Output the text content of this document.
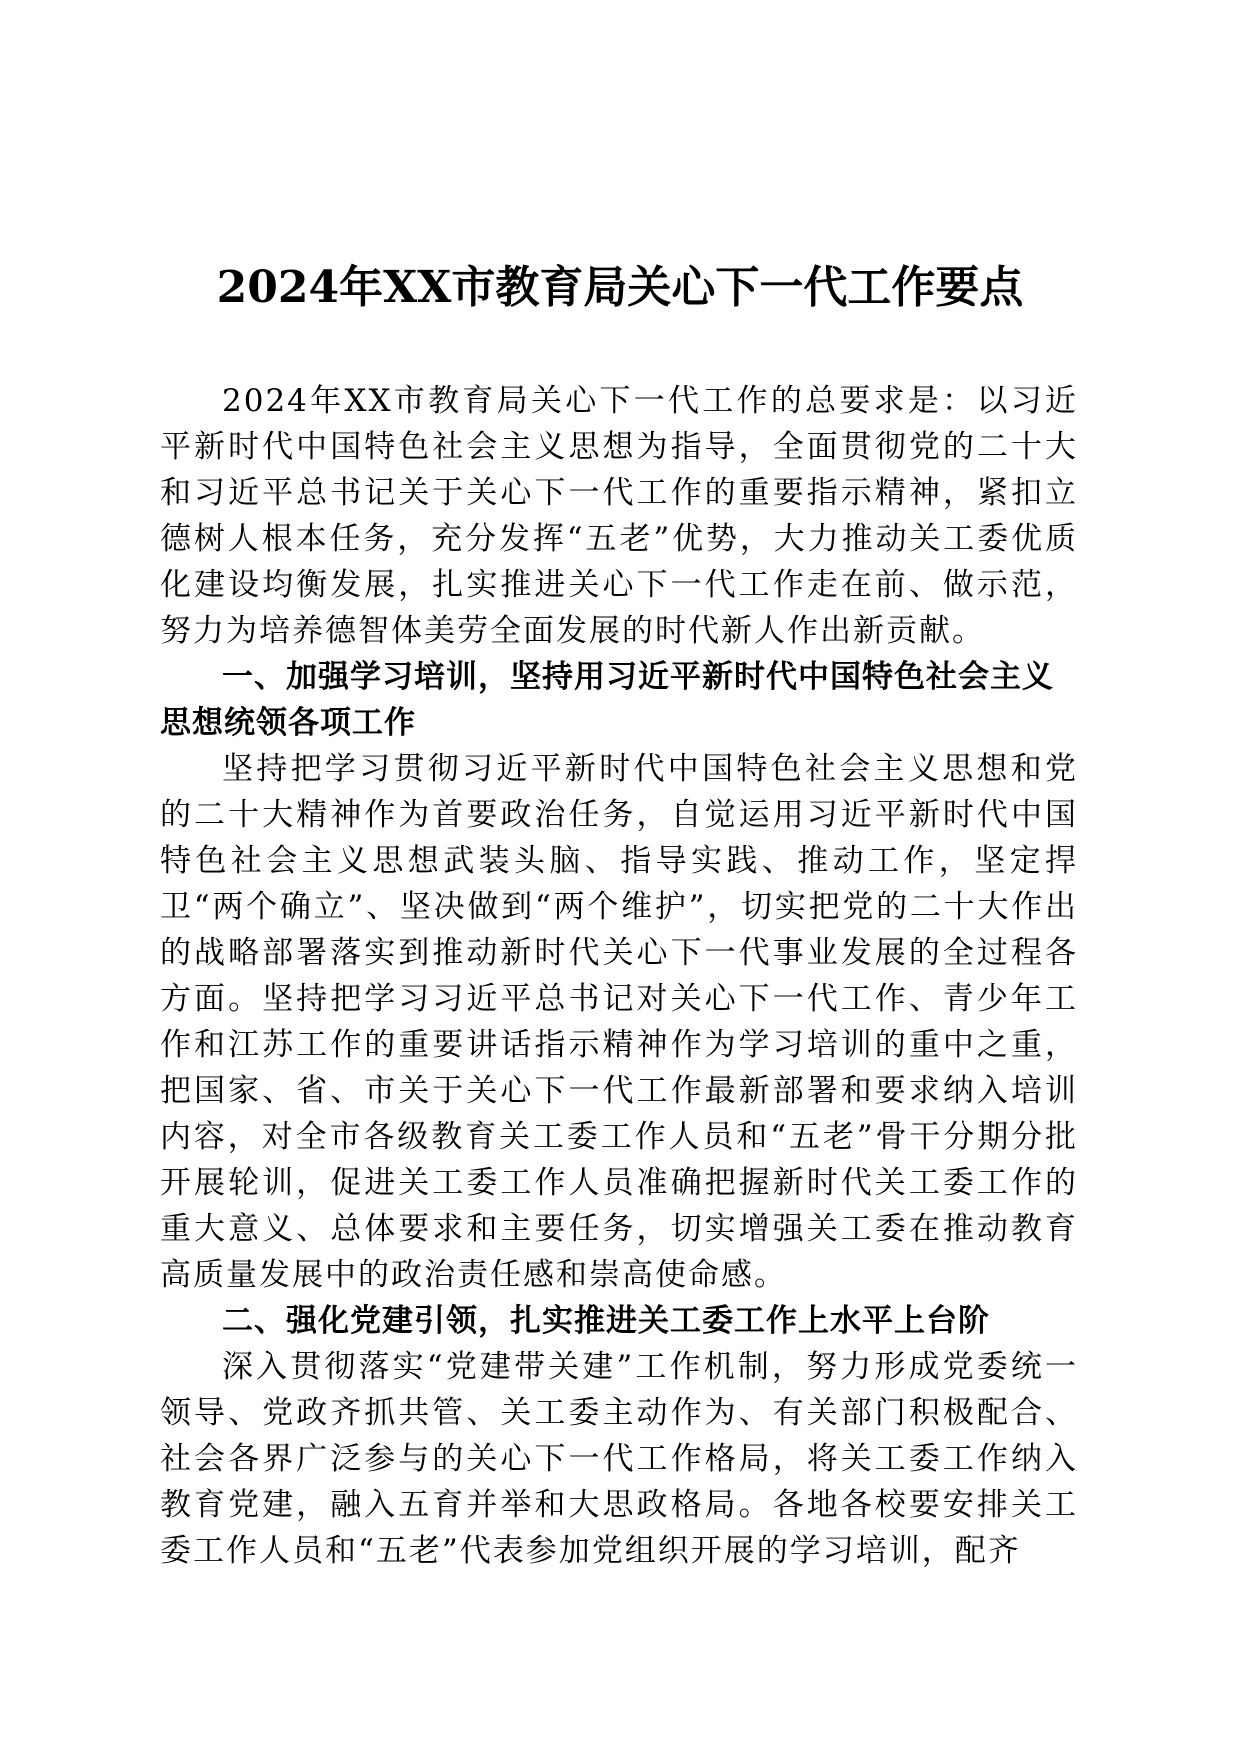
2024年XX市教育局关心下一代工作要点

2024年XX市教育局关心下一代工作的总要求是：以习近平新时代中国特色社会主义思想为指导，全面贯彻党的二十大和习近平总书记关于关心下一代工作的重要指示精神，紧扣立德树人根本任务，充分发挥“五老”优势，大力推动关工委优质化建设均衡发展，扎实推进关心下一代工作走在前、做示范，努力为培养德智体美劳全面发展的时代新人作出新贡献。

一、加强学习培训，坚持用习近平新时代中国特色社会主义思想统领各项工作

坚持把学习贯彻习近平新时代中国特色社会主义思想和党的二十大精神作为首要政治任务，自觉运用习近平新时代中国特色社会主义思想武装头脑、指导实践、推动工作，坚定捍卫“两个确立”、坚决做到“两个维护”，切实把党的二十大作出的战略部署落实到推动新时代关心下一代事业发展的全过程各方面。坚持把学习习近平总书记对关心下一代工作、青少年工作和江苏工作的重要讲话指示精神作为学习培训的重中之重，把国家、省、市关于关心下一代工作最新部署和要求纳入培训内容，对全市各级教育关工委工作人员和“五老”骨干分期分批开展轮训，促进关工委工作人员准确把握新时代关工委工作的重大意义、总体要求和主要任务，切实增强关工委在推动教育高质量发展中的政治责任感和崇高使命感。

二、强化党建引领，扎实推进关工委工作上水平上台阶

深入贯彻落实“党建带关建”工作机制，努力形成党委统一领导、党政齐抓共管、关工委主动作为、有关部门积极配合、社会各界广泛参与的关心下一代工作格局，将关工委工作纳入教育党建，融入五育并举和大思政格局。各地各校要安排关工委工作人员和“五老”代表参加党组织开展的学习培训，配齐
